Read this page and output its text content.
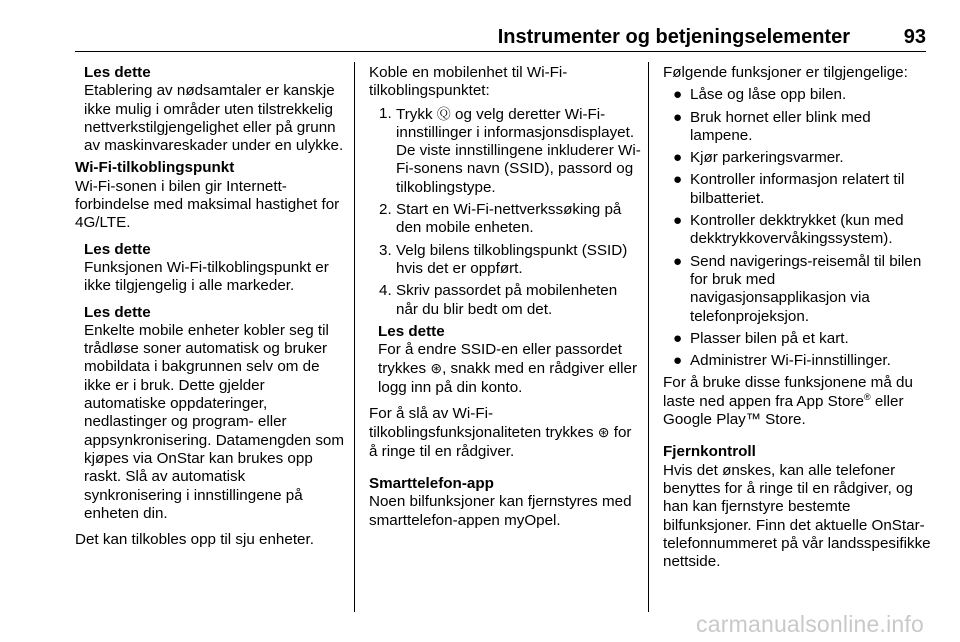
Instrumenter og betjeningselementer	93

Les dette

Etablering av nødsamtaler er kanskje ikke mulig i områder uten tilstrekkelig nettverkstilgjengelighet eller på grunn av maskinvareskader under en ulykke.

Wi-Fi-tilkoblingspunkt

Wi-Fi-sonen i bilen gir Internett-forbindelse med maksimal hastighet for 4G/LTE.

Les dette

Funksjonen Wi-Fi-tilkoblingspunkt er ikke tilgjengelig i alle markeder.

Les dette

Enkelte mobile enheter kobler seg til trådløse soner automatisk og bruker mobildata i bakgrunnen selv om de ikke er i bruk. Dette gjelder automatiske oppdateringer, nedlastinger og program- eller appsynkronisering. Datamengden som kjøpes via OnStar kan brukes opp raskt. Slå av automatisk synkronisering i innstillingene på enheten din.

Det kan tilkobles opp til sju enheter.

Koble en mobilenhet til Wi-Fi-tilkoblingspunktet:

1. Trykk Ⓠ og velg deretter Wi-Fi-innstillinger i informasjonsdisplayet. De viste innstillingene inkluderer Wi-Fi-sonens navn (SSID), passord og tilkoblingstype.
2. Start en Wi-Fi-nettverkssøking på den mobile enheten.
3. Velg bilens tilkoblingspunkt (SSID) hvis det er oppført.
4. Skriv passordet på mobilenheten når du blir bedt om det.

Les dette

For å endre SSID-en eller passordet trykkes ⊛, snakk med en rådgiver eller logg inn på din konto.

For å slå av Wi-Fi-tilkoblingsfunksjonaliteten trykkes ⊛ for å ringe til en rådgiver.

Smarttelefon-app

Noen bilfunksjoner kan fjernstyres med smarttelefon-appen myOpel.

Følgende funksjoner er tilgjengelige:

● Låse og låse opp bilen.
● Bruk hornet eller blink med lampene.
● Kjør parkeringsvarmer.
● Kontroller informasjon relatert til bilbatteriet.
● Kontroller dekktrykket (kun med dekktrykkovervåkingssystem).
● Send navigerings-reisemål til bilen for bruk med navigasjonsapplikasjon via telefonprojeksjon.
● Plasser bilen på et kart.
● Administrer Wi-Fi-innstillinger.

For å bruke disse funksjonene må du laste ned appen fra App Store® eller Google Play™ Store.

Fjernkontroll

Hvis det ønskes, kan alle telefoner benyttes for å ringe til en rådgiver, og han kan fjernstyre bestemte bilfunksjoner. Finn det aktuelle OnStar-telefonnummeret på vår landsspesifikke nettside.

carmanualsonline.info
